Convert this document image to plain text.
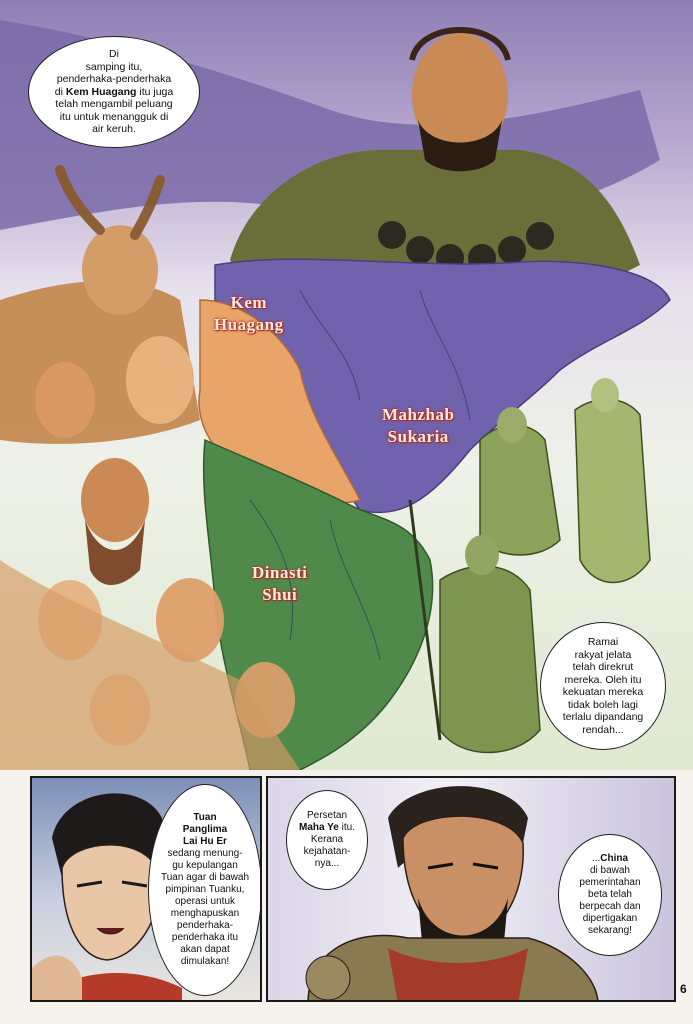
Di
samping itu,
penderhaka-penderhaka
di Kem Huagang itu juga
telah mengambil peluang
itu untuk menangguk di
air keruh.

Kem
Huagang
Mahzhab
Sukaria
Dinasti
Shui

Ramai
rakyat jelata
telah direkrut
mereka. Oleh itu
kekuatan mereka
tidak boleh lagi
terlalu dipandang
rendah...

Tuan
Panglima
Lai Hu Er
sedang menung-
gu kepulangan
Tuan agar di bawah
pimpinan Tuanku,
operasi untuk
menghapuskan
penderhaka-
penderhaka itu
akan dapat
dimulakan!

Persetan
Maha Ye itu.
Kerana
kejahatan-
nya...	...China
di bawah
pemerintahan
beta telah
berpecah dan
dipertigakan
sekarang!

6
